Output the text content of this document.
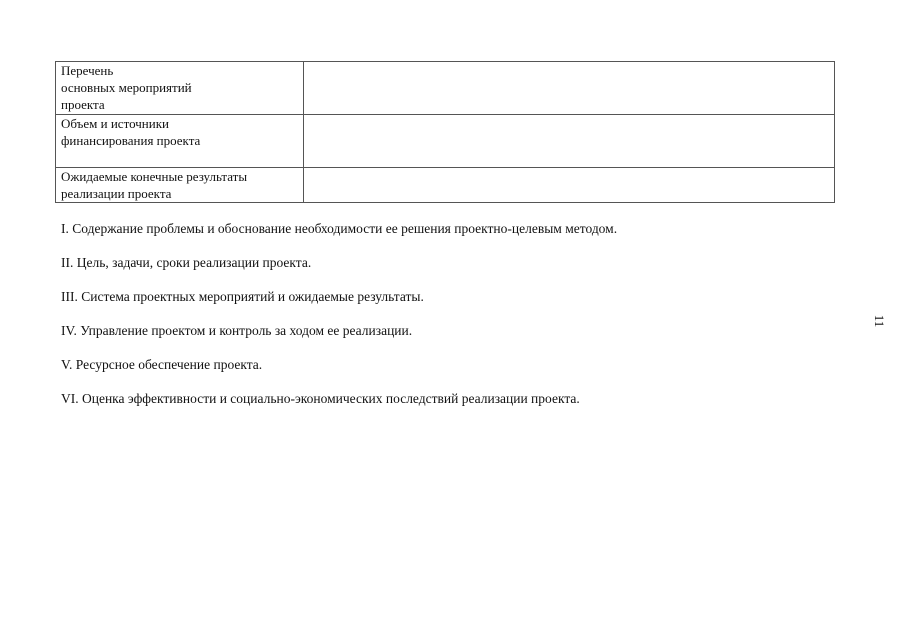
Перечень
основных мероприятий
проекта	

Объем и источники
финансирования проекта	

Ожидаемые конечные результаты
реализации проекта	

I. Содержание проблемы и обоснование необходимости ее решения проектно-целевым методом.
II. Цель, задачи, сроки реализации проекта.
III. Система проектных мероприятий и ожидаемые результаты.
IV. Управление проектом и контроль за ходом ее реализации.
V. Ресурсное обеспечение проекта.
VI. Оценка эффективности и социально-экономических последствий реализации проекта.
11
